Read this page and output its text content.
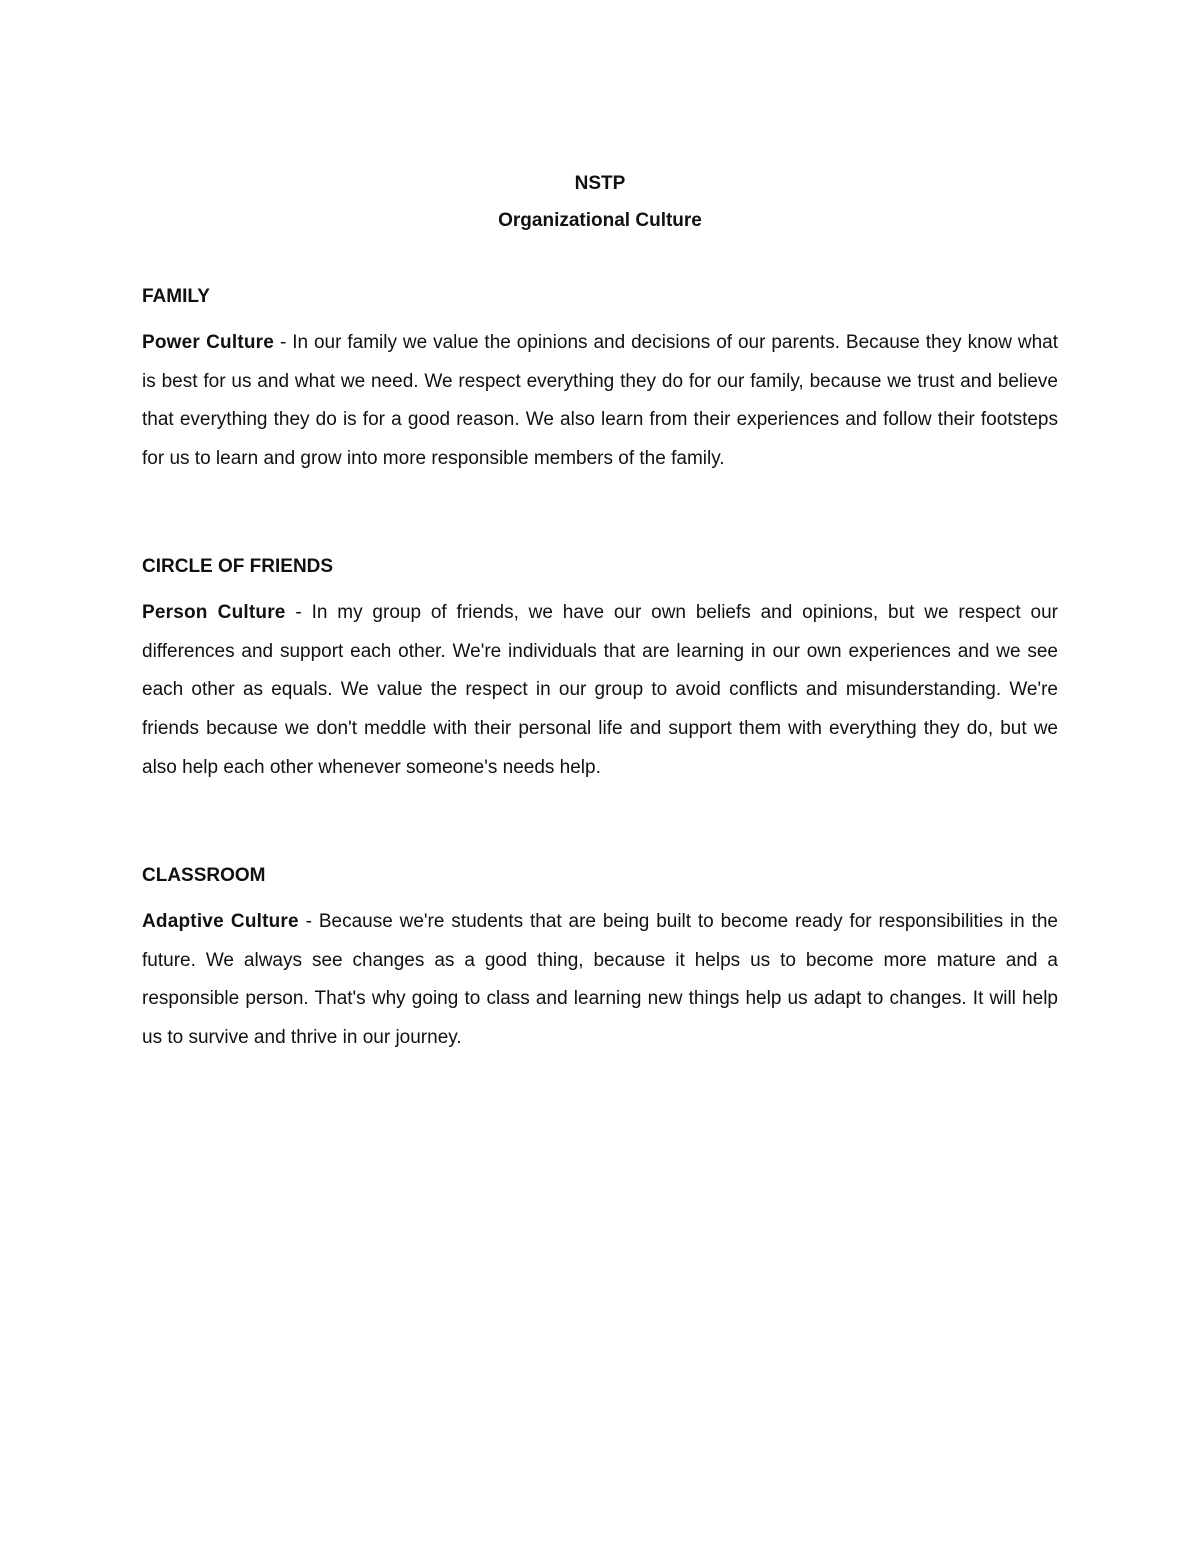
NSTP
Organizational Culture
FAMILY

Power Culture - In our family we value the opinions and decisions of our parents. Because they know what is best for us and what we need. We respect everything they do for our family, because we trust and believe that everything they do is for a good reason. We also learn from their experiences and follow their footsteps for us to learn and grow into more responsible members of the family.

CIRCLE OF FRIENDS

Person Culture - In my group of friends, we have our own beliefs and opinions, but we respect our differences and support each other. We're individuals that are learning in our own experiences and we see each other as equals. We value the respect in our group to avoid conflicts and misunderstanding. We're friends because we don't meddle with their personal life and support them with everything they do, but we also help each other whenever someone's needs help.

CLASSROOM

Adaptive Culture - Because we're students that are being built to become ready for responsibilities in the future. We always see changes as a good thing, because it helps us to become more mature and a responsible person. That's why going to class and learning new things help us adapt to changes. It will help us to survive and thrive in our journey.
